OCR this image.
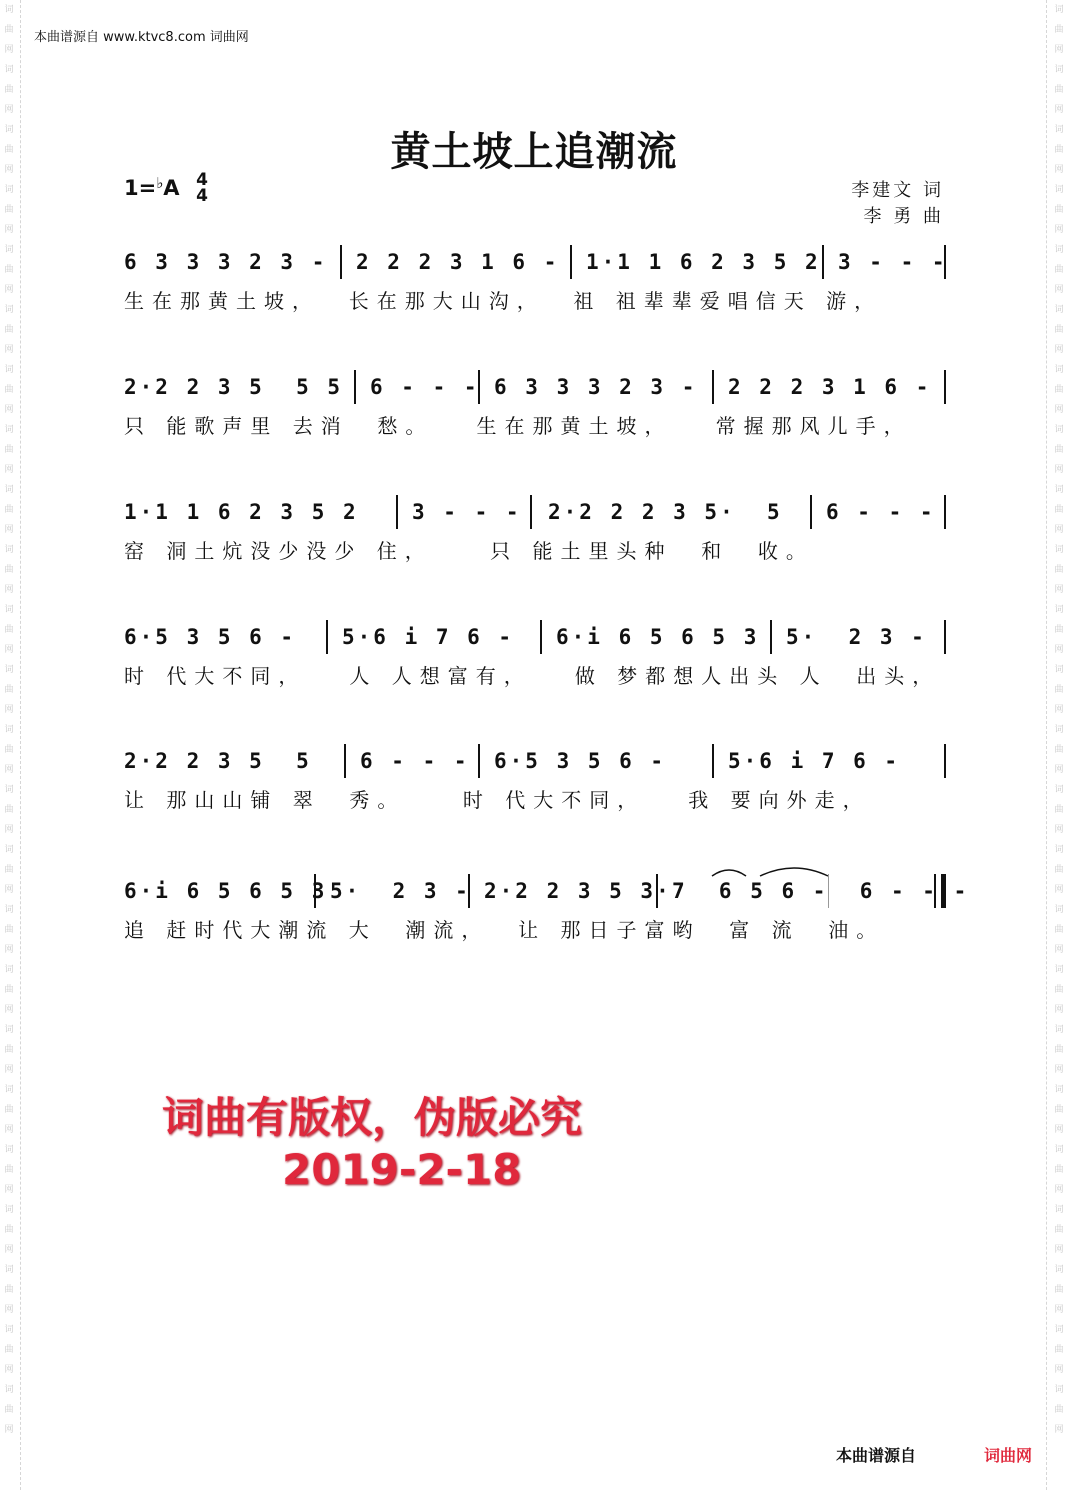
词曲网词曲网词曲网词曲网词曲网词曲网词曲网词曲网词曲网词曲网词曲网词曲网词曲网词曲网词曲网词曲网词曲网词曲网词曲网词曲网词曲网词曲网词曲网词曲网
词曲网词曲网词曲网词曲网词曲网词曲网词曲网词曲网词曲网词曲网词曲网词曲网词曲网词曲网词曲网词曲网词曲网词曲网词曲网词曲网词曲网词曲网词曲网词曲网
本曲谱源自 www.ktvc8.com 词曲网
黄土坡上追潮流
1=♭A 4
4	李建文 词
李 勇 曲
6 3 3 3 2 3 - 2 2 2 3 1 6 - 1·1 1 6 2 3 5 2 3 - - -
生在那黄土坡，  长在那大山沟，  祖 祖辈辈爱唱信天 游，
2·2 2 3 5  5 5 6 - - - 6 3 3 3 2 3 - 2 2 2 3 1 6 -
只 能歌声里 去消  愁。   生在那黄土坡，   常握那风儿手，
1·1 1 6 2 3 5 2	3 - - - 2·2 2 2 3 5·  5 6 - - -
窑 洞土炕没少没少 住，    只 能土里头种  和  收。
6·5 3 5 6 - 5·6 i 7 6 - 6·i 6 5 6 5 3 5·  2 3 -
时 代大不同，   人 人想富有，   做 梦都想人出头 人  出头，
2·2 2 3 5  5 6 - - - 6·5 3 5 6 -	5·6 i 7 6 -
让 那山山铺 翠  秀。    时 代大不同，   我 要向外走，
6·i 6 5 6 5 3 5·  2 3 - 2·2 2 3 5 3· 7  6 5 6 -  6 - - -
追 赶时代大潮流 大  潮流，  让 那日子富哟  富 流  油。
词曲有版权，伪版必究
2019-2-18
本曲谱源自	词曲网
